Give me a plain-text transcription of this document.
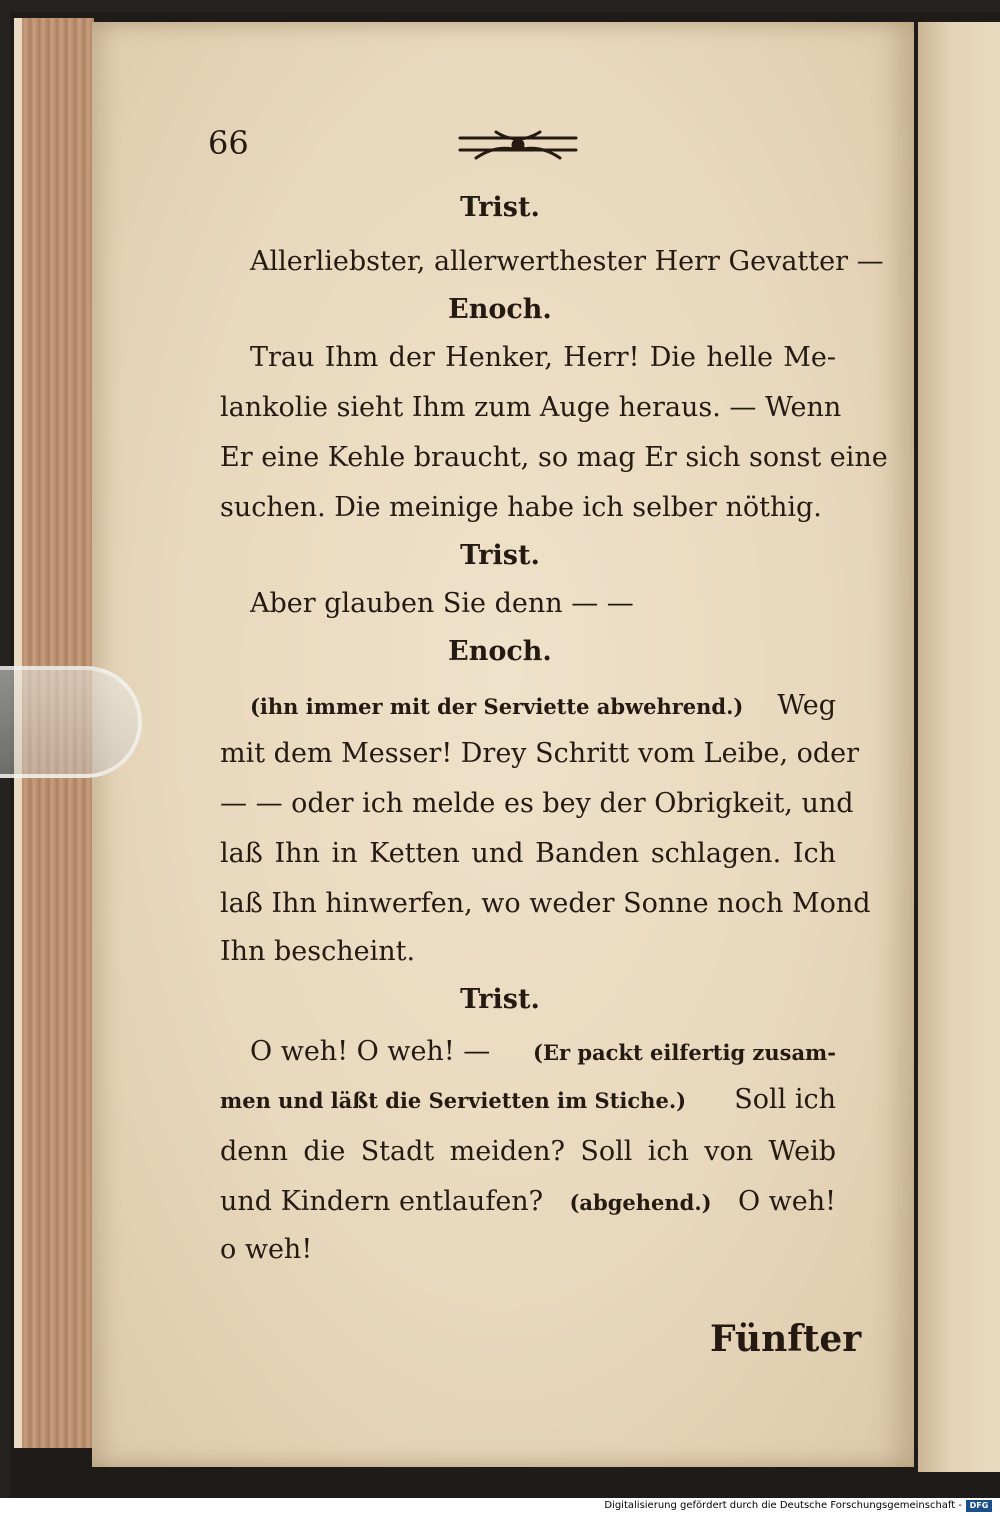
66
Trist.
Allerliebster, allerwerthester Herr Gevatter —
Enoch.
Trau Ihm der Henker, Herr! Die helle Me-
lankolie sieht Ihm zum Auge heraus. — Wenn
Er eine Kehle braucht, so mag Er sich sonst eine
suchen. Die meinige habe ich selber nöthig.
Trist.
Aber glauben Sie denn — —
Enoch.
(ihn immer mit der Serviette abwehrend.) Weg
mit dem Messer! Drey Schritt vom Leibe, oder
— — oder ich melde es bey der Obrigkeit, und
laß Ihn in Ketten und Banden schlagen. Ich
laß Ihn hinwerfen, wo weder Sonne noch Mond
Ihn bescheint.
Trist.
O weh! O weh! — (Er packt eilfertig zusam-
men und läßt die Servietten im Stiche.) Soll ich
denn die Stadt meiden? Soll ich von Weib
und Kindern entlaufen? (abgehend.) O weh!
o weh!
Fünfter
Digitalisierung gefördert durch die Deutsche Forschungsgemeinschaft - DFG
